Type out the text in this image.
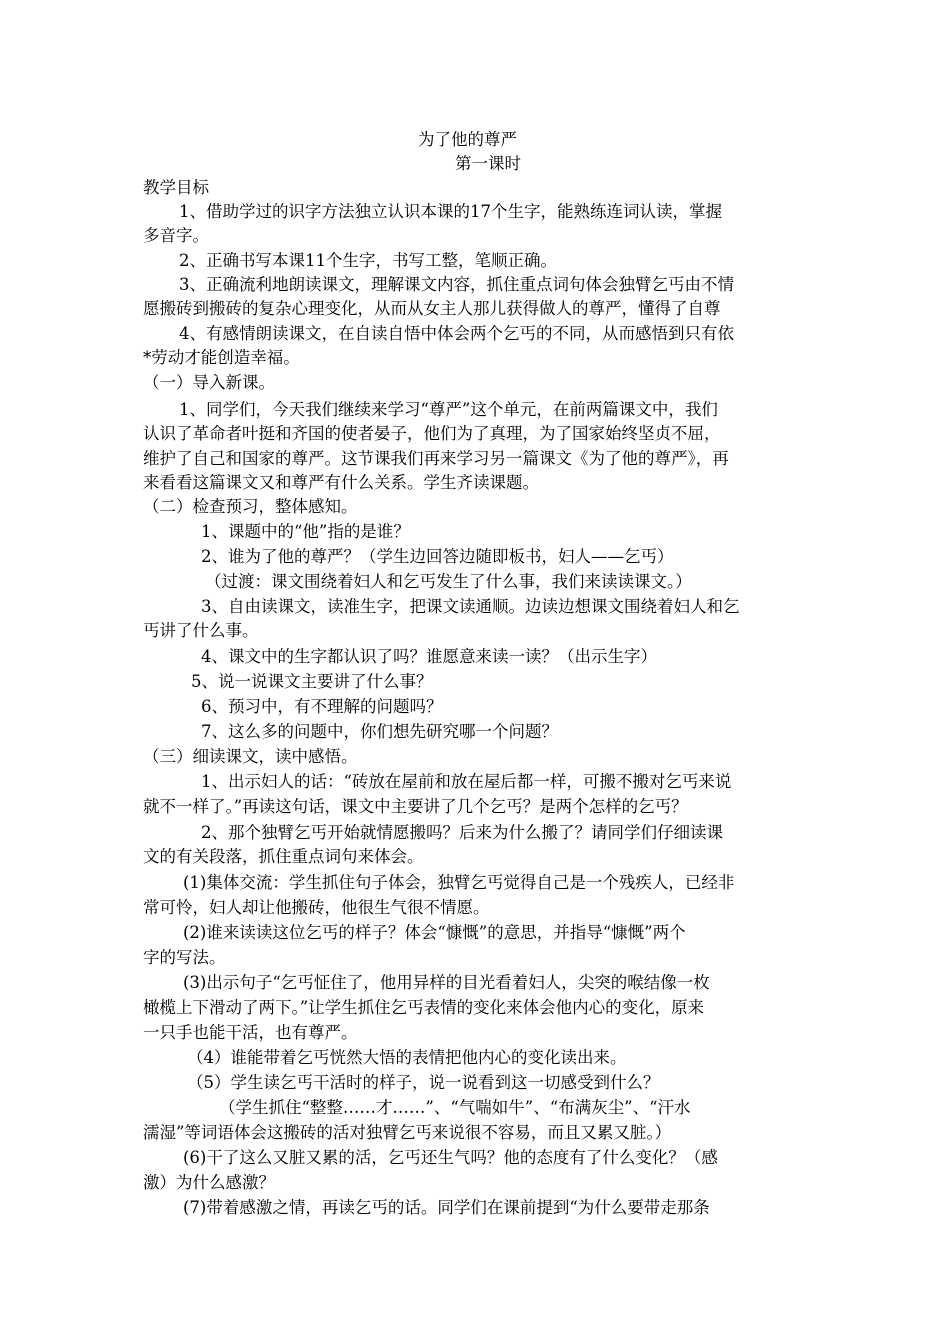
为了他的尊严
第一课时
教学目标
1、借助学过的识字方法独立认识本课的17个生字，能熟练连词认读，掌握
多音字。
2、正确书写本课11个生字，书写工整，笔顺正确。
3、正确流利地朗读课文，理解课文内容，抓住重点词句体会独臂乞丐由不情
愿搬砖到搬砖的复杂心理变化，从而从女主人那儿获得做人的尊严，懂得了自尊
4、有感情朗读课文，在自读自悟中体会两个乞丐的不同，从而感悟到只有依
*劳动才能创造幸福。
（一）导入新课。
1、同学们，今天我们继续来学习“尊严”这个单元，在前两篇课文中，我们
认识了革命者叶挺和齐国的使者晏子，他们为了真理，为了国家始终坚贞不屈，
维护了自己和国家的尊严。这节课我们再来学习另一篇课文《为了他的尊严》，再
来看看这篇课文又和尊严有什么关系。学生齐读课题。
（二）检查预习，整体感知。
1、课题中的“他”指的是谁？
2、谁为了他的尊严？（学生边回答边随即板书，妇人——乞丐）
（过渡：课文围绕着妇人和乞丐发生了什么事，我们来读读课文。）
3、自由读课文，读准生字，把课文读通顺。边读边想课文围绕着妇人和乞
丐讲了什么事。
4、课文中的生字都认识了吗？谁愿意来读一读？（出示生字）
5、说一说课文主要讲了什么事？
6、预习中，有不理解的问题吗？
7、这么多的问题中，你们想先研究哪一个问题？
（三）细读课文，读中感悟。
1、出示妇人的话：“砖放在屋前和放在屋后都一样，可搬不搬对乞丐来说
就不一样了。”再读这句话，课文中主要讲了几个乞丐？是两个怎样的乞丐？
2、那个独臂乞丐开始就情愿搬吗？后来为什么搬了？请同学们仔细读课
文的有关段落，抓住重点词句来体会。
(1)集体交流：学生抓住句子体会，独臂乞丐觉得自己是一个残疾人，已经非
常可怜，妇人却让他搬砖，他很生气很不情愿。
(2)谁来读读这位乞丐的样子？体会“慷慨”的意思，并指导“慷慨”两个
字的写法。
(3)出示句子“乞丐怔住了，他用异样的目光看着妇人，尖突的喉结像一枚
橄榄上下滑动了两下。”让学生抓住乞丐表情的变化来体会他内心的变化，原来
一只手也能干活，也有尊严。
（4）谁能带着乞丐恍然大悟的表情把他内心的变化读出来。
（5）学生读乞丐干活时的样子，说一说看到这一切感受到什么？
（学生抓住“整整……才……”、“气喘如牛”、“布满灰尘”、“汗水
濡湿”等词语体会这搬砖的活对独臂乞丐来说很不容易，而且又累又脏。）
(6)干了这么又脏又累的活，乞丐还生气吗？他的态度有了什么变化？（感
激）为什么感激？
(7)带着感激之情，再读乞丐的话。同学们在课前提到“为什么要带走那条
